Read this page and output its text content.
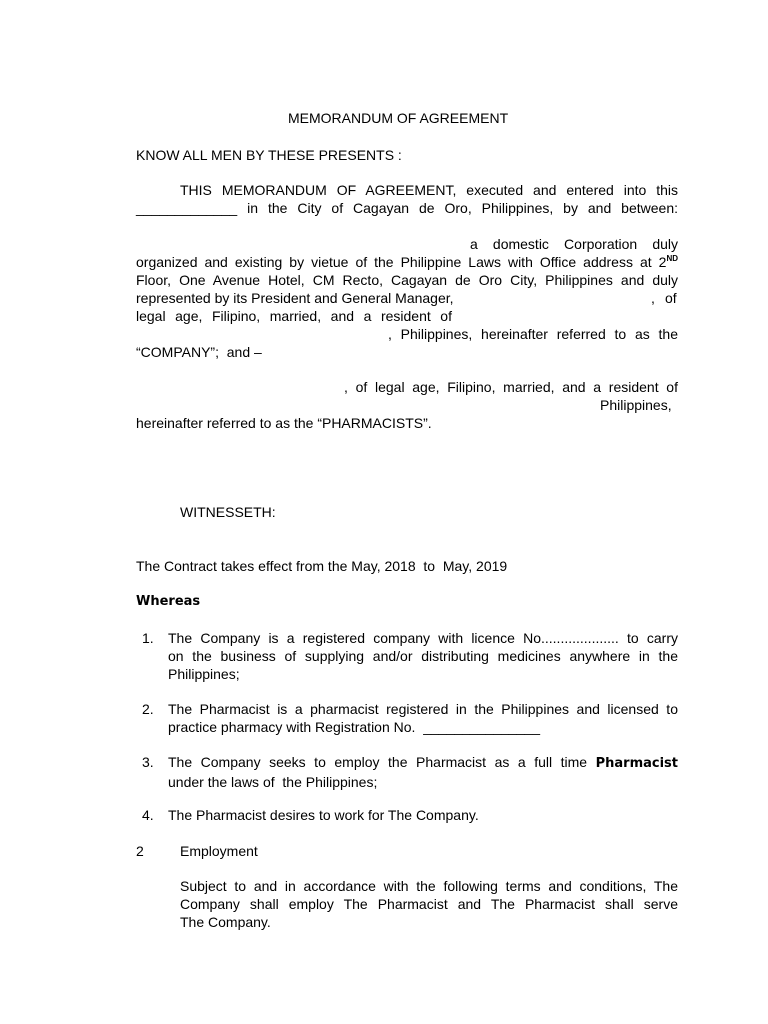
MEMORANDUM OF AGREEMENT
KNOW ALL MEN BY THESE PRESENTS :
THIS MEMORANDUM OF AGREEMENT, executed and entered into this
_____________ in the City of Cagayan de Oro, Philippines, by and between:
a domestic Corporation duly
organized and existing by vietue of the Philippine Laws with Office address at 2ND
Floor, One Avenue Hotel, CM Recto, Cagayan de Oro City, Philippines and duly
represented by its President and General Manager,	, of
legal age, Filipino, married, and a resident of
, Philippines, hereinafter referred to as the
“COMPANY”;  and –
, of legal age, Filipino, married, and a resident of
Philippines,
hereinafter referred to as the “PHARMACISTS”.
WITNESSETH:
The Contract takes effect from the May, 2018  to  May, 2019
Whereas
1. The Company is a registered company with licence No.................... to carry
on the business of supplying and/or distributing medicines anywhere in the
Philippines;
2. The Pharmacist is a pharmacist registered in the Philippines and licensed to
practice pharmacy with Registration No.  _______________
3. The Company seeks to employ the Pharmacist as a full time Pharmacist
under the laws of  the Philippines;
4. The Pharmacist desires to work for The Company.
2	Employment
Subject to and in accordance with the following terms and conditions, The
Company shall employ The Pharmacist and The Pharmacist shall serve
The Company.
